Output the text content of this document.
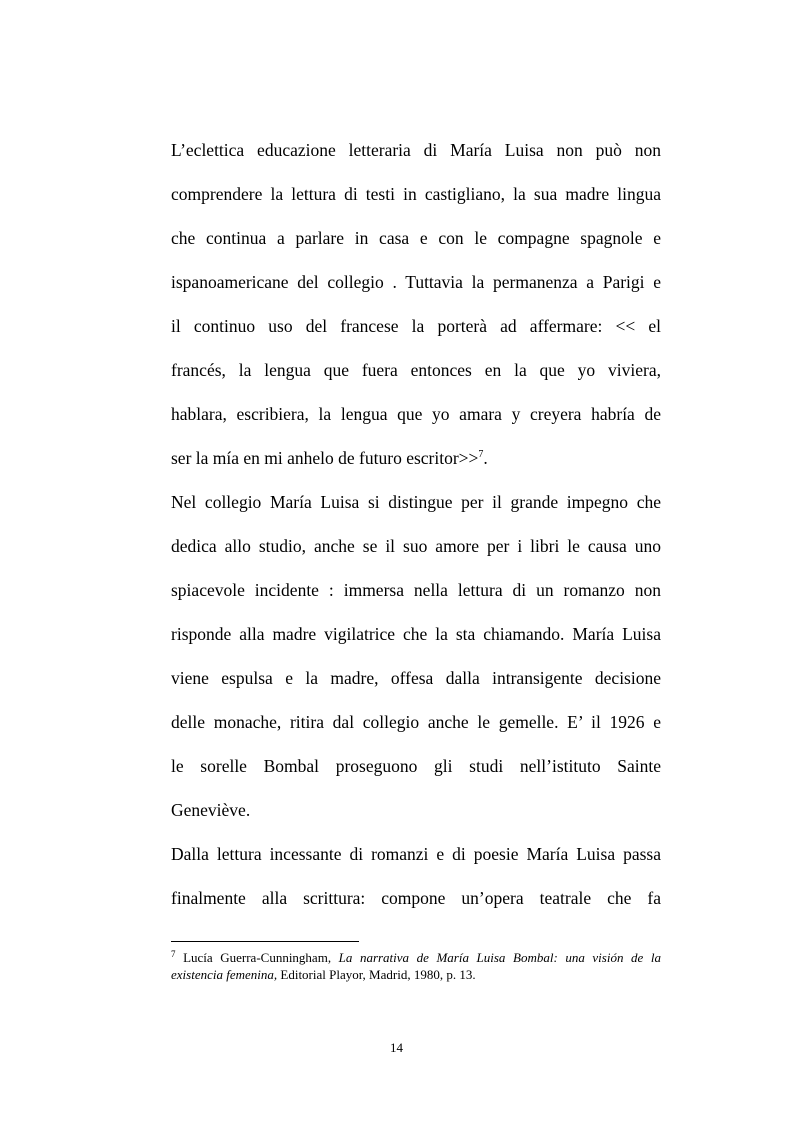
L’eclettica educazione letteraria di María Luisa non può non
comprendere la lettura di testi in castigliano, la sua madre lingua
che continua a parlare in casa e con le compagne spagnole e
ispanoamericane del collegio . Tuttavia la permanenza a Parigi e
il continuo uso del francese la porterà ad affermare: << el
francés, la lengua que fuera entonces en la que yo viviera,
hablara, escribiera, la lengua que yo amara y creyera habría de
ser la mía en mi anhelo de futuro escritor>>$^7$.
Nel collegio María Luisa si distingue per il grande impegno che
dedica allo studio, anche se il suo amore per i libri le causa uno
spiacevole incidente : immersa nella lettura di un romanzo non
risponde alla madre vigilatrice che la sta chiamando. María Luisa
viene espulsa e la madre, offesa dalla intransigente decisione
delle monache, ritira dal collegio anche le gemelle. E’ il 1926 e
le sorelle Bombal proseguono gli studi nell’istituto Sainte
Geneviève.
Dalla lettura incessante di romanzi e di poesie María Luisa passa
finalmente alla scrittura: compone un’opera teatrale che fa
$^7$ Lucía Guerra-Cunningham, La narrativa de María Luisa Bombal: una visión de la
existencia femenina, Editorial Playor, Madrid, 1980, p. 13.
14
